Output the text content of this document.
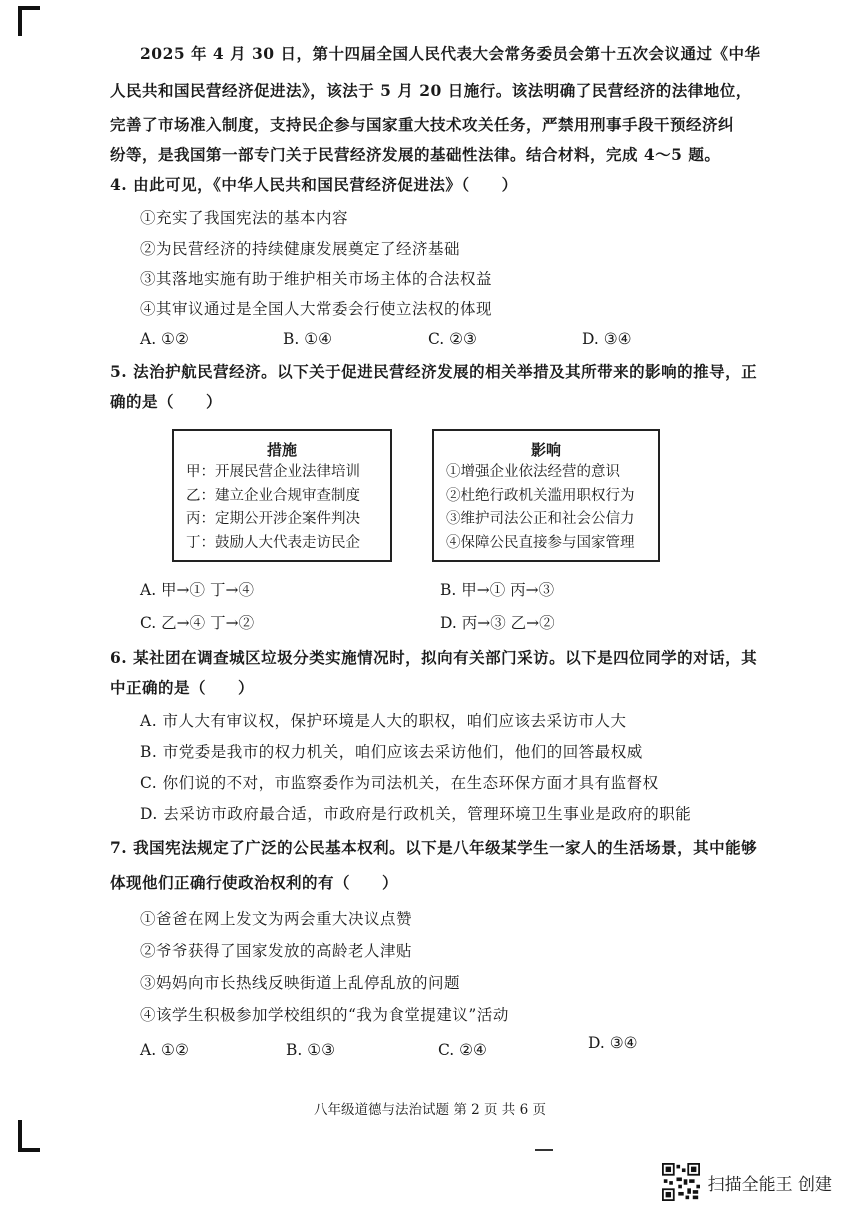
2025 年 4 月 30 日，第十四届全国人民代表大会常务委员会第十五次会议通过《中华
人民共和国民营经济促进法》，该法于 5 月 20 日施行。该法明确了民营经济的法律地位，
完善了市场准入制度，支持民企参与国家重大技术攻关任务，严禁用刑事手段干预经济纠
纷等，是我国第一部专门关于民营经济发展的基础性法律。结合材料，完成 4～5 题。
4. 由此可见，《中华人民共和国民营经济促进法》（　　）
①充实了我国宪法的基本内容
②为民营经济的持续健康发展奠定了经济基础
③其落地实施有助于维护相关市场主体的合法权益
④其审议通过是全国人大常委会行使立法权的体现
A. ①②	B. ①④	C. ②③	D. ③④
5. 法治护航民营经济。以下关于促进民营经济发展的相关举措及其所带来的影响的推导，正
确的是（　　）
措施
甲：开展民营企业法律培训
乙：建立企业合规审查制度
丙：定期公开涉企案件判决
丁：鼓励人大代表走访民企
影响
①增强企业依法经营的意识
②杜绝行政机关滥用职权行为
③维护司法公正和社会公信力
④保障公民直接参与国家管理
A. 甲→① 丁→④	B. 甲→① 丙→③
C. 乙→④ 丁→②	D. 丙→③ 乙→②
6. 某社团在调查城区垃圾分类实施情况时，拟向有关部门采访。以下是四位同学的对话，其
中正确的是（　　）
A. 市人大有审议权，保护环境是人大的职权，咱们应该去采访市人大
B. 市党委是我市的权力机关，咱们应该去采访他们，他们的回答最权威
C. 你们说的不对，市监察委作为司法机关，在生态环保方面才具有监督权
D. 去采访市政府最合适，市政府是行政机关，管理环境卫生事业是政府的职能
7. 我国宪法规定了广泛的公民基本权利。以下是八年级某学生一家人的生活场景，其中能够
体现他们正确行使政治权利的有（　　）
①爸爸在网上发文为两会重大决议点赞
②爷爷获得了国家发放的高龄老人津贴
③妈妈向市长热线反映街道上乱停乱放的问题
④该学生积极参加学校组织的“我为食堂提建议”活动
A. ①②	B. ①③	C. ②④	D. ③④
八年级道德与法治试题 第 2 页 共 6 页
扫描全能王 创建
